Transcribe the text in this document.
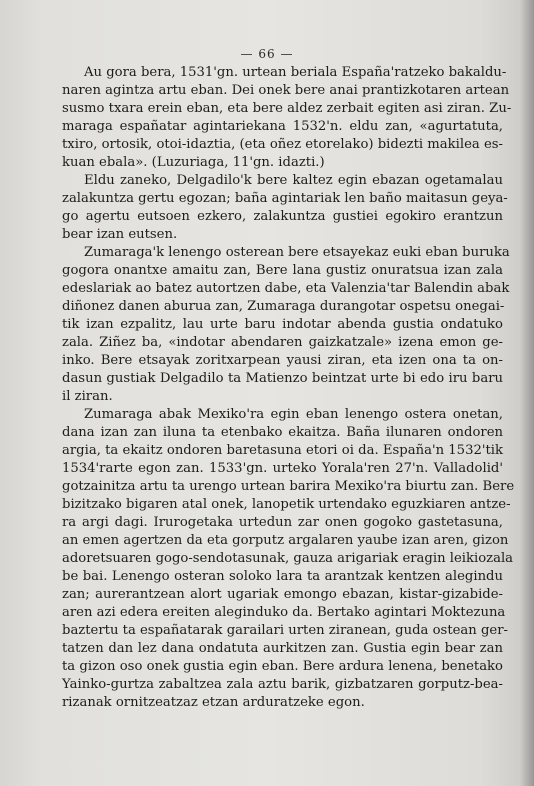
— 66 —

Au gora bera, 1531'gn. urtean beriala España'ratzeko bakaldu-
naren agintza artu eban. Dei onek bere anai prantizkotaren artean
susmo txara erein eban, eta bere aldez zerbait egiten asi ziran. Zu-
maraga españatar agintariekana 1532'n. eldu zan, «agurtatuta,
txiro, ortosik, otoi-idaztia, (eta oñez etorelako) bidezti makilea es-
kuan ebala». (Luzuriaga, 11'gn. idazti.)

Eldu zaneko, Delgadilo'k bere kaltez egin ebazan ogetamalau
zalakuntza gertu egozan; baña agintariak len baño maitasun geya-
go agertu eutsoen ezkero, zalakuntza gustiei egokiro erantzun
bear izan eutsen.

Zumaraga'k lenengo osterean bere etsayekaz euki eban buruka
gogora onantxe amaitu zan, Bere lana gustiz onuratsua izan zala
edeslariak ao batez autortzen dabe, eta Valenzia'tar Balendin abak
diñonez danen aburua zan, Zumaraga durangotar ospetsu onegai-
tik izan ezpalitz, lau urte baru indotar abenda gustia ondatuko
zala. Ziñez ba, «indotar abendaren gaizkatzale» izena emon ge-
inko. Bere etsayak zoritxarpean yausi ziran, eta izen ona ta on-
dasun gustiak Delgadilo ta Matienzo beintzat urte bi edo iru baru
il ziran.

Zumaraga abak Mexiko'ra egin eban lenengo ostera onetan,
dana izan zan iluna ta etenbako ekaitza. Baña ilunaren ondoren
argia, ta ekaitz ondoren baretasuna etori oi da. España'n 1532'tik
1534'rarte egon zan. 1533'gn. urteko Yorala'ren 27'n. Valladolid'
gotzainitza artu ta urengo urtean barira Mexiko'ra biurtu zan. Bere
bizitzako bigaren atal onek, lanopetik urtendako eguzkiaren antze-
ra argi dagi. Irurogetaka urtedun zar onen gogoko gastetasuna,
an emen agertzen da eta gorputz argalaren yaube izan aren, gizon
adoretsuaren gogo-sendotasunak, gauza arigariak eragin leikiozala
be bai. Lenengo osteran soloko lara ta arantzak kentzen alegindu
zan; aurerantzean alort ugariak emongo ebazan, kistar-gizabide-
aren azi edera ereiten alegindukо da. Bertako agintari Moktezuna
baztertu ta españatarak garailari urten ziranean, guda ostean ger-
tatzen dan lez dana ondatuta aurkitzen zan. Gustia egin bear zan
ta gizon oso onek gustia egin eban. Bere ardura lenena, benetako
Yainko-gurtza zabaltzea zala aztu barik, gizbatzaren gorputz-bea-
rizanak ornitzeatzaz etzan arduratzeke egon.
